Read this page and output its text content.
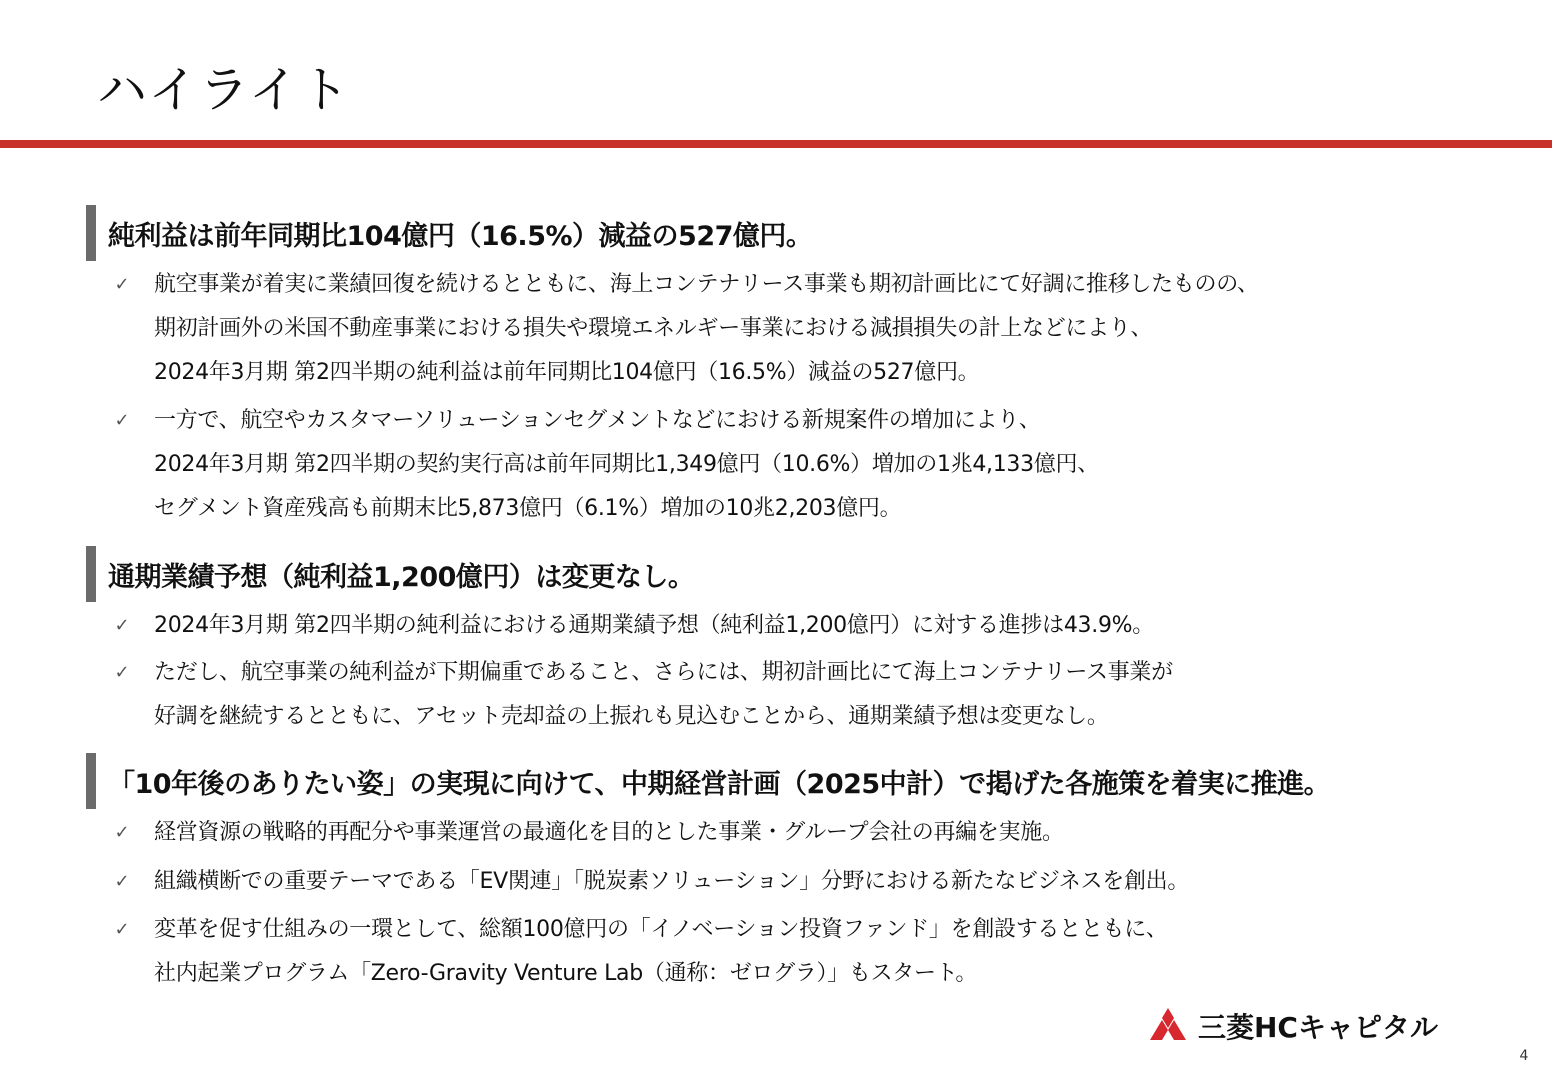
ハイライト
純利益は前年同期比104億円（16.5%）減益の527億円。
✓ 航空事業が着実に業績回復を続けるとともに、海上コンテナリース事業も期初計画比にて好調に推移したものの、
期初計画外の米国不動産事業における損失や環境エネルギー事業における減損損失の計上などにより、
2024年3月期 第2四半期の純利益は前年同期比104億円（16.5%）減益の527億円。
✓ 一方で、航空やカスタマーソリューションセグメントなどにおける新規案件の増加により、
2024年3月期 第2四半期の契約実行高は前年同期比1,349億円（10.6%）増加の1兆4,133億円、
セグメント資産残高も前期末比5,873億円（6.1%）増加の10兆2,203億円。
通期業績予想（純利益1,200億円）は変更なし。
✓ 2024年3月期 第2四半期の純利益における通期業績予想（純利益1,200億円）に対する進捗は43.9%。
✓ ただし、航空事業の純利益が下期偏重であること、さらには、期初計画比にて海上コンテナリース事業が
好調を継続するとともに、アセット売却益の上振れも見込むことから、通期業績予想は変更なし。
「10年後のありたい姿」の実現に向けて、中期経営計画（2025中計）で掲げた各施策を着実に推進。
✓ 経営資源の戦略的再配分や事業運営の最適化を目的とした事業・グループ会社の再編を実施。
✓ 組織横断での重要テーマである「EV関連」「脱炭素ソリューション」分野における新たなビジネスを創出。
✓ 変革を促す仕組みの一環として、総額100億円の「イノベーション投資ファンド」を創設するとともに、
社内起業プログラム「Zero-Gravity Venture Lab（通称：ゼログラ）」もスタート。
三菱HCキャピタル
4
